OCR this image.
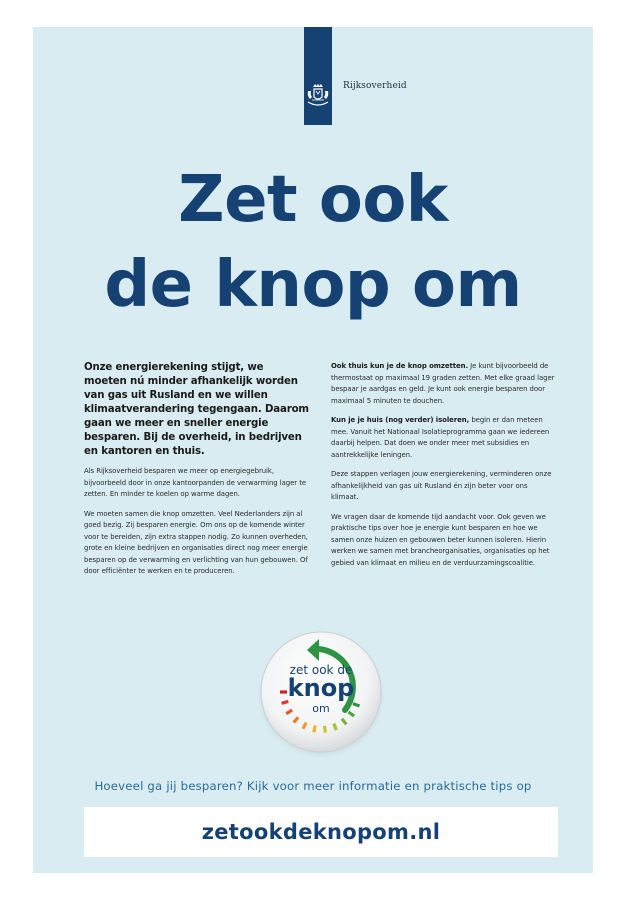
Rijksoverheid
Zet ook
de knop om

Onze energierekening stijgt, we moeten nú minder afhankelijk worden van gas uit Rusland en we willen klimaatverandering tegengaan. Daarom gaan we meer en sneller energie besparen. Bij de overheid, in bedrijven en kantoren en thuis.

Als Rijksoverheid besparen we meer op energiegebruik, bijvoorbeeld door in onze kantoorpanden de verwarming lager te zetten. En minder te koelen op warme dagen.

We moeten samen die knop omzetten. Veel Nederlanders zijn al goed bezig. Zij besparen energie. Om ons op de komende winter voor te bereiden, zijn extra stappen nodig. Zo kunnen overheden, grote en kleine bedrijven en organisaties direct nog meer energie besparen op de verwarming en verlichting van hun gebouwen. Of door efficiënter te werken en te produceren.

Ook thuis kun je de knop omzetten. Je kunt bijvoorbeeld de thermostaat op maximaal 19 graden zetten. Met elke graad lager bespaar je aardgas en geld. Je kunt ook energie besparen door maximaal 5 minuten te douchen.

Kun je je huis (nog verder) isoleren, begin er dan meteen mee. Vanuit het Nationaal Isolatieprogramma gaan we iedereen daarbij helpen. Dat doen we onder meer met subsidies en aantrekkelijke leningen.

Deze stappen verlagen jouw energierekening, verminderen onze afhankelijkheid van gas uit Rusland én zijn beter voor ons klimaat.

We vragen daar de komende tijd aandacht voor. Ook geven we praktische tips over hoe je energie kunt besparen en hoe we samen onze huizen en gebouwen beter kunnen isoleren. Hierin werken we samen met brancheorganisaties, organisaties op het gebied van klimaat en milieu en de verduurzamingscoalitie.

zet ook de
knop
om
Hoeveel ga jij besparen? Kijk voor meer informatie en praktische tips op
zetookdeknopom.nl
